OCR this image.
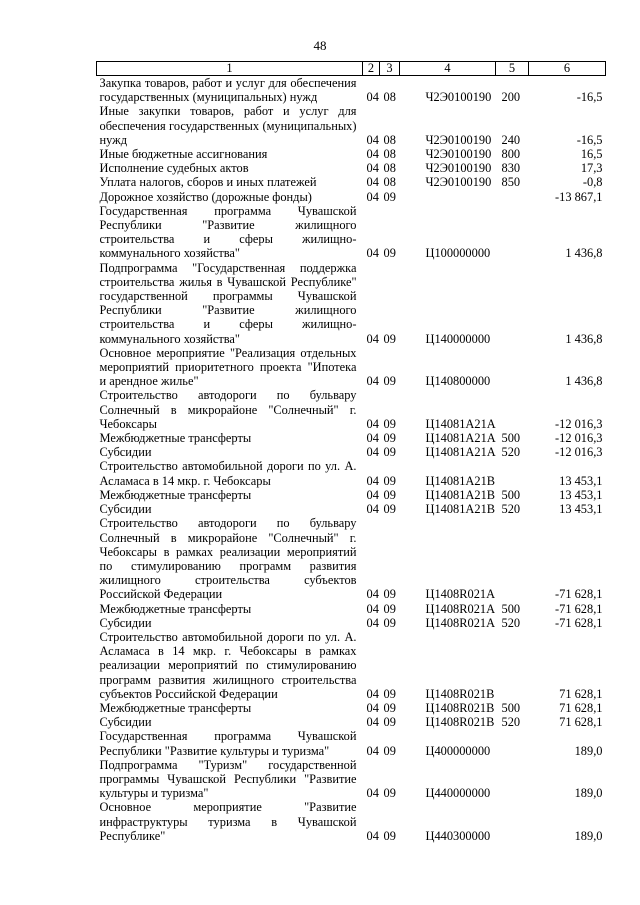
48
1	2	3	4	5	6
Закупка товаров, работ и услуг для обеспечения государственных (муниципальных) нужд	04	08	Ч2Э0100190	200	-16,5
Иные закупки товаров, работ и услуг для обеспечения государственных (муниципальных) нужд	04	08	Ч2Э0100190	240	-16,5
Иные бюджетные ассигнования	04	08	Ч2Э0100190	800	16,5
Исполнение судебных актов	04	08	Ч2Э0100190	830	17,3
Уплата налогов, сборов и иных платежей	04	08	Ч2Э0100190	850	-0,8
Дорожное хозяйство (дорожные фонды)	04	09			-13 867,1
Государственная программа Чувашской Республики "Развитие жилищного строительства и сферы жилищно-коммунального хозяйства"	04	09	Ц100000000		1 436,8
Подпрограмма "Государственная поддержка строительства жилья в Чувашской Республике" государственной программы Чувашской Республики "Развитие жилищного строительства и сферы жилищно-коммунального хозяйства"	04	09	Ц140000000		1 436,8
Основное мероприятие "Реализация отдельных мероприятий приоритетного проекта "Ипотека и арендное жилье"	04	09	Ц140800000		1 436,8
Строительство автодороги по бульвару Солнечный в микрорайоне "Солнечный" г. Чебоксары	04	09	Ц14081А21А		-12 016,3
Межбюджетные трансферты	04	09	Ц14081А21А	500	-12 016,3
Субсидии	04	09	Ц14081А21А	520	-12 016,3
Строительство автомобильной дороги по ул. А. Асламаса в 14 мкр. г. Чебоксары	04	09	Ц14081А21В		13 453,1
Межбюджетные трансферты	04	09	Ц14081А21В	500	13 453,1
Субсидии	04	09	Ц14081А21В	520	13 453,1
Строительство автодороги по бульвару Солнечный в микрорайоне "Солнечный" г. Чебоксары в рамках реализации мероприятий по стимулированию программ развития жилищного строительства субъектов Российской Федерации	04	09	Ц1408R021А		-71 628,1
Межбюджетные трансферты	04	09	Ц1408R021А	500	-71 628,1
Субсидии	04	09	Ц1408R021А	520	-71 628,1
Строительство автомобильной дороги по ул. А. Асламаса в 14 мкр. г. Чебоксары в рамках реализации мероприятий по стимулированию программ развития жилищного строительства субъектов Российской Федерации	04	09	Ц1408R021В		71 628,1
Межбюджетные трансферты	04	09	Ц1408R021В	500	71 628,1
Субсидии	04	09	Ц1408R021В	520	71 628,1
Государственная программа Чувашской Республики "Развитие культуры и туризма"	04	09	Ц400000000		189,0
Подпрограмма "Туризм" государственной программы Чувашской Республики "Развитие культуры и туризма"	04	09	Ц440000000		189,0
Основное мероприятие "Развитие инфраструктуры туризма в Чувашской Республике"	04	09	Ц440300000		189,0
